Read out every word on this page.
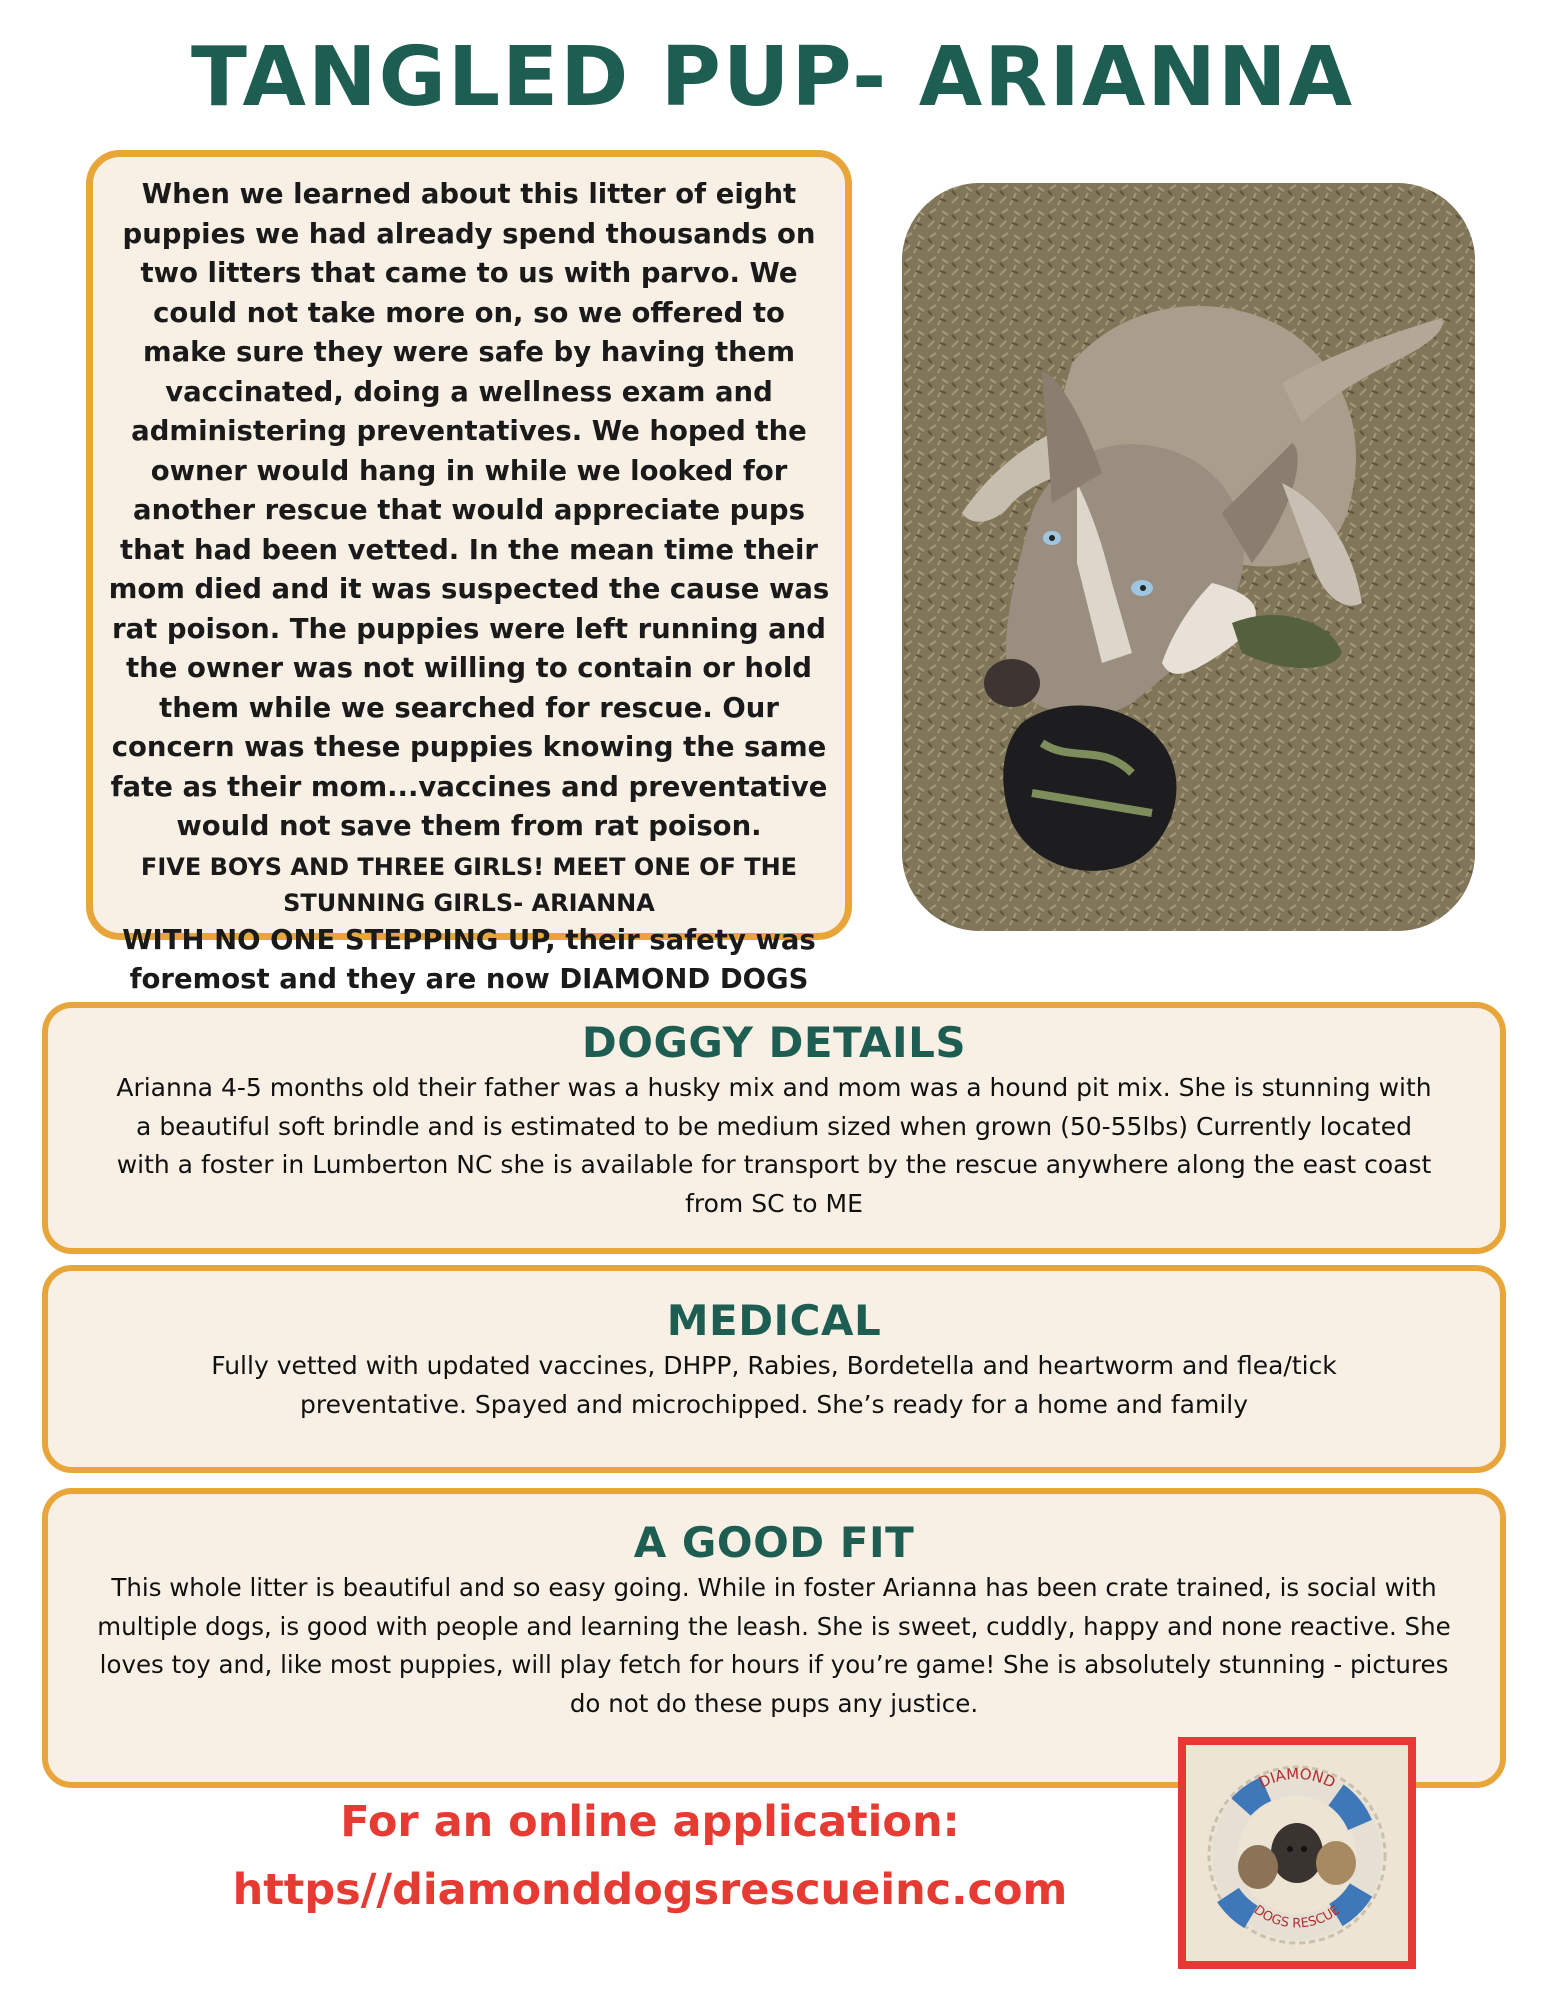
TANGLED PUP- ARIANNA

When we learned about this litter of eight puppies we had already spend thousands on two litters that came to us with parvo. We could not take more on, so we offered to make sure they were safe by having them vaccinated, doing a wellness exam and administering preventatives. We hoped the owner would hang in while we looked for another rescue that would appreciate pups that had been vetted. In the mean time their mom died and it was suspected the cause was rat poison. The puppies were left running and the owner was not willing to contain or hold them while we searched for rescue. Our concern was these puppies knowing the same fate as their mom...vaccines and preventative would not save them from rat poison.

FIVE BOYS AND THREE GIRLS! MEET ONE OF THE STUNNING GIRLS- ARIANNA

WITH NO ONE STEPPING UP, their safety was foremost and they are now DIAMOND DOGS

DOGGY DETAILS

Arianna 4-5 months old their father was a husky mix and mom was a hound pit mix. She is stunning with a beautiful soft brindle and is estimated to be medium sized when grown (50-55lbs) Currently located with a foster in Lumberton NC she is available for transport by the rescue anywhere along the east coast from SC to ME

MEDICAL

Fully vetted with updated vaccines, DHPP, Rabies, Bordetella and heartworm and flea/tick preventative. Spayed and microchipped. She’s ready for a home and family

A GOOD FIT

This whole litter is beautiful and so easy going. While in foster Arianna has been crate trained, is social with multiple dogs, is good with people and learning the leash. She is sweet, cuddly, happy and none reactive. She loves toy and, like most puppies, will play fetch for hours if you’re game! She is absolutely stunning - pictures do not do these pups any justice.

For an online application:

https//diamonddogsrescueinc.com

DIAMOND
DOGS RESCUE
